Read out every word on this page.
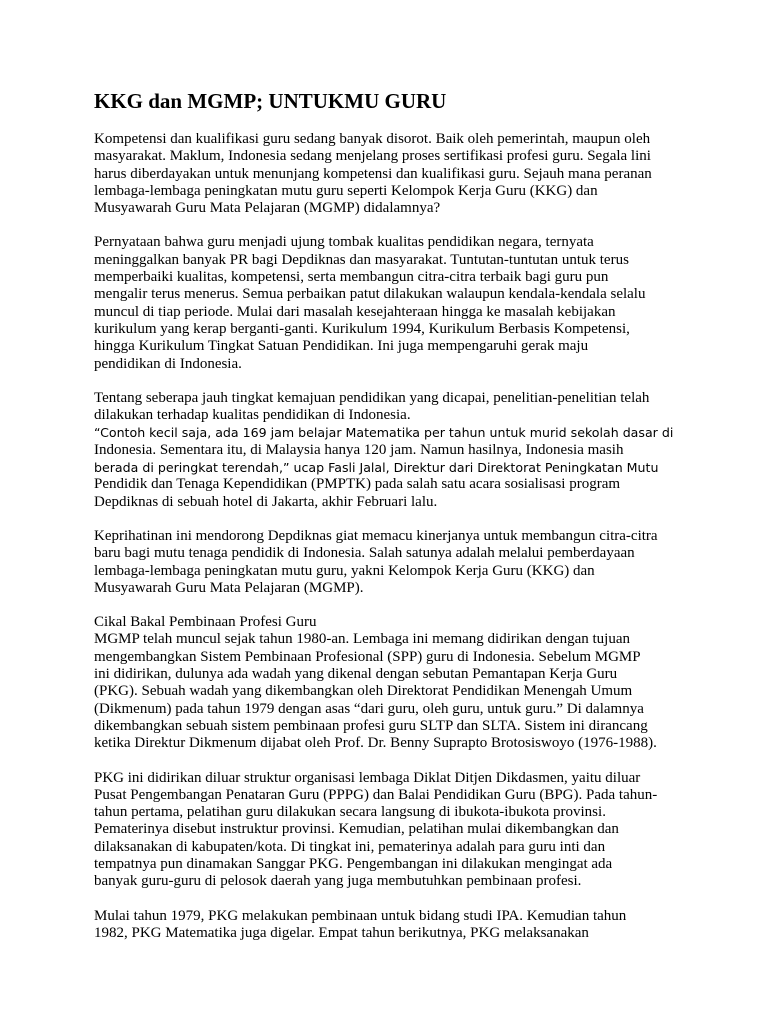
KKG dan MGMP; UNTUKMU GURU

Kompetensi dan kualifikasi guru sedang banyak disorot. Baik oleh pemerintah, maupun oleh
masyarakat. Maklum, Indonesia sedang menjelang proses sertifikasi profesi guru. Segala lini
harus diberdayakan untuk menunjang kompetensi dan kualifikasi guru. Sejauh mana peranan
lembaga-lembaga peningkatan mutu guru seperti Kelompok Kerja Guru (KKG) dan
Musyawarah Guru Mata Pelajaran (MGMP) didalamnya?

Pernyataan bahwa guru menjadi ujung tombak kualitas pendidikan negara, ternyata
meninggalkan banyak PR bagi Depdiknas dan masyarakat. Tuntutan-tuntutan untuk terus
memperbaiki kualitas, kompetensi, serta membangun citra-citra terbaik bagi guru pun
mengalir terus menerus. Semua perbaikan patut dilakukan walaupun kendala-kendala selalu
muncul di tiap periode. Mulai dari masalah kesejahteraan hingga ke masalah kebijakan
kurikulum yang kerap berganti-ganti. Kurikulum 1994, Kurikulum Berbasis Kompetensi,
hingga Kurikulum Tingkat Satuan Pendidikan. Ini juga mempengaruhi gerak maju
pendidikan di Indonesia.

Tentang seberapa jauh tingkat kemajuan pendidikan yang dicapai, penelitian-penelitian telah
dilakukan terhadap kualitas pendidikan di Indonesia.
“Contoh kecil saja, ada 169 jam belajar Matematika per tahun untuk murid sekolah dasar di
Indonesia. Sementara itu, di Malaysia hanya 120 jam. Namun hasilnya, Indonesia masih
berada di peringkat terendah,” ucap Fasli Jalal, Direktur dari Direktorat Peningkatan Mutu
Pendidik dan Tenaga Kependidikan (PMPTK) pada salah satu acara sosialisasi program
Depdiknas di sebuah hotel di Jakarta, akhir Februari lalu.

Keprihatinan ini mendorong Depdiknas giat memacu kinerjanya untuk membangun citra-citra
baru bagi mutu tenaga pendidik di Indonesia. Salah satunya adalah melalui pemberdayaan
lembaga-lembaga peningkatan mutu guru, yakni Kelompok Kerja Guru (KKG) dan
Musyawarah Guru Mata Pelajaran (MGMP).

Cikal Bakal Pembinaan Profesi Guru
MGMP telah muncul sejak tahun 1980-an. Lembaga ini memang didirikan dengan tujuan
mengembangkan Sistem Pembinaan Profesional (SPP) guru di Indonesia. Sebelum MGMP
ini didirikan, dulunya ada wadah yang dikenal dengan sebutan Pemantapan Kerja Guru
(PKG). Sebuah wadah yang dikembangkan oleh Direktorat Pendidikan Menengah Umum
(Dikmenum) pada tahun 1979 dengan asas “dari guru, oleh guru, untuk guru.” Di dalamnya
dikembangkan sebuah sistem pembinaan profesi guru SLTP dan SLTA. Sistem ini dirancang
ketika Direktur Dikmenum dijabat oleh Prof. Dr. Benny Suprapto Brotosiswoyo (1976-1988).

PKG ini didirikan diluar struktur organisasi lembaga Diklat Ditjen Dikdasmen, yaitu diluar
Pusat Pengembangan Penataran Guru (PPPG) dan Balai Pendidikan Guru (BPG). Pada tahun-
tahun pertama, pelatihan guru dilakukan secara langsung di ibukota-ibukota provinsi.
Pematerinya disebut instruktur provinsi. Kemudian, pelatihan mulai dikembangkan dan
dilaksanakan di kabupaten/kota. Di tingkat ini, pematerinya adalah para guru inti dan
tempatnya pun dinamakan Sanggar PKG. Pengembangan ini dilakukan mengingat ada
banyak guru-guru di pelosok daerah yang juga membutuhkan pembinaan profesi.

Mulai tahun 1979, PKG melakukan pembinaan untuk bidang studi IPA. Kemudian tahun
1982, PKG Matematika juga digelar. Empat tahun berikutnya, PKG melaksanakan
